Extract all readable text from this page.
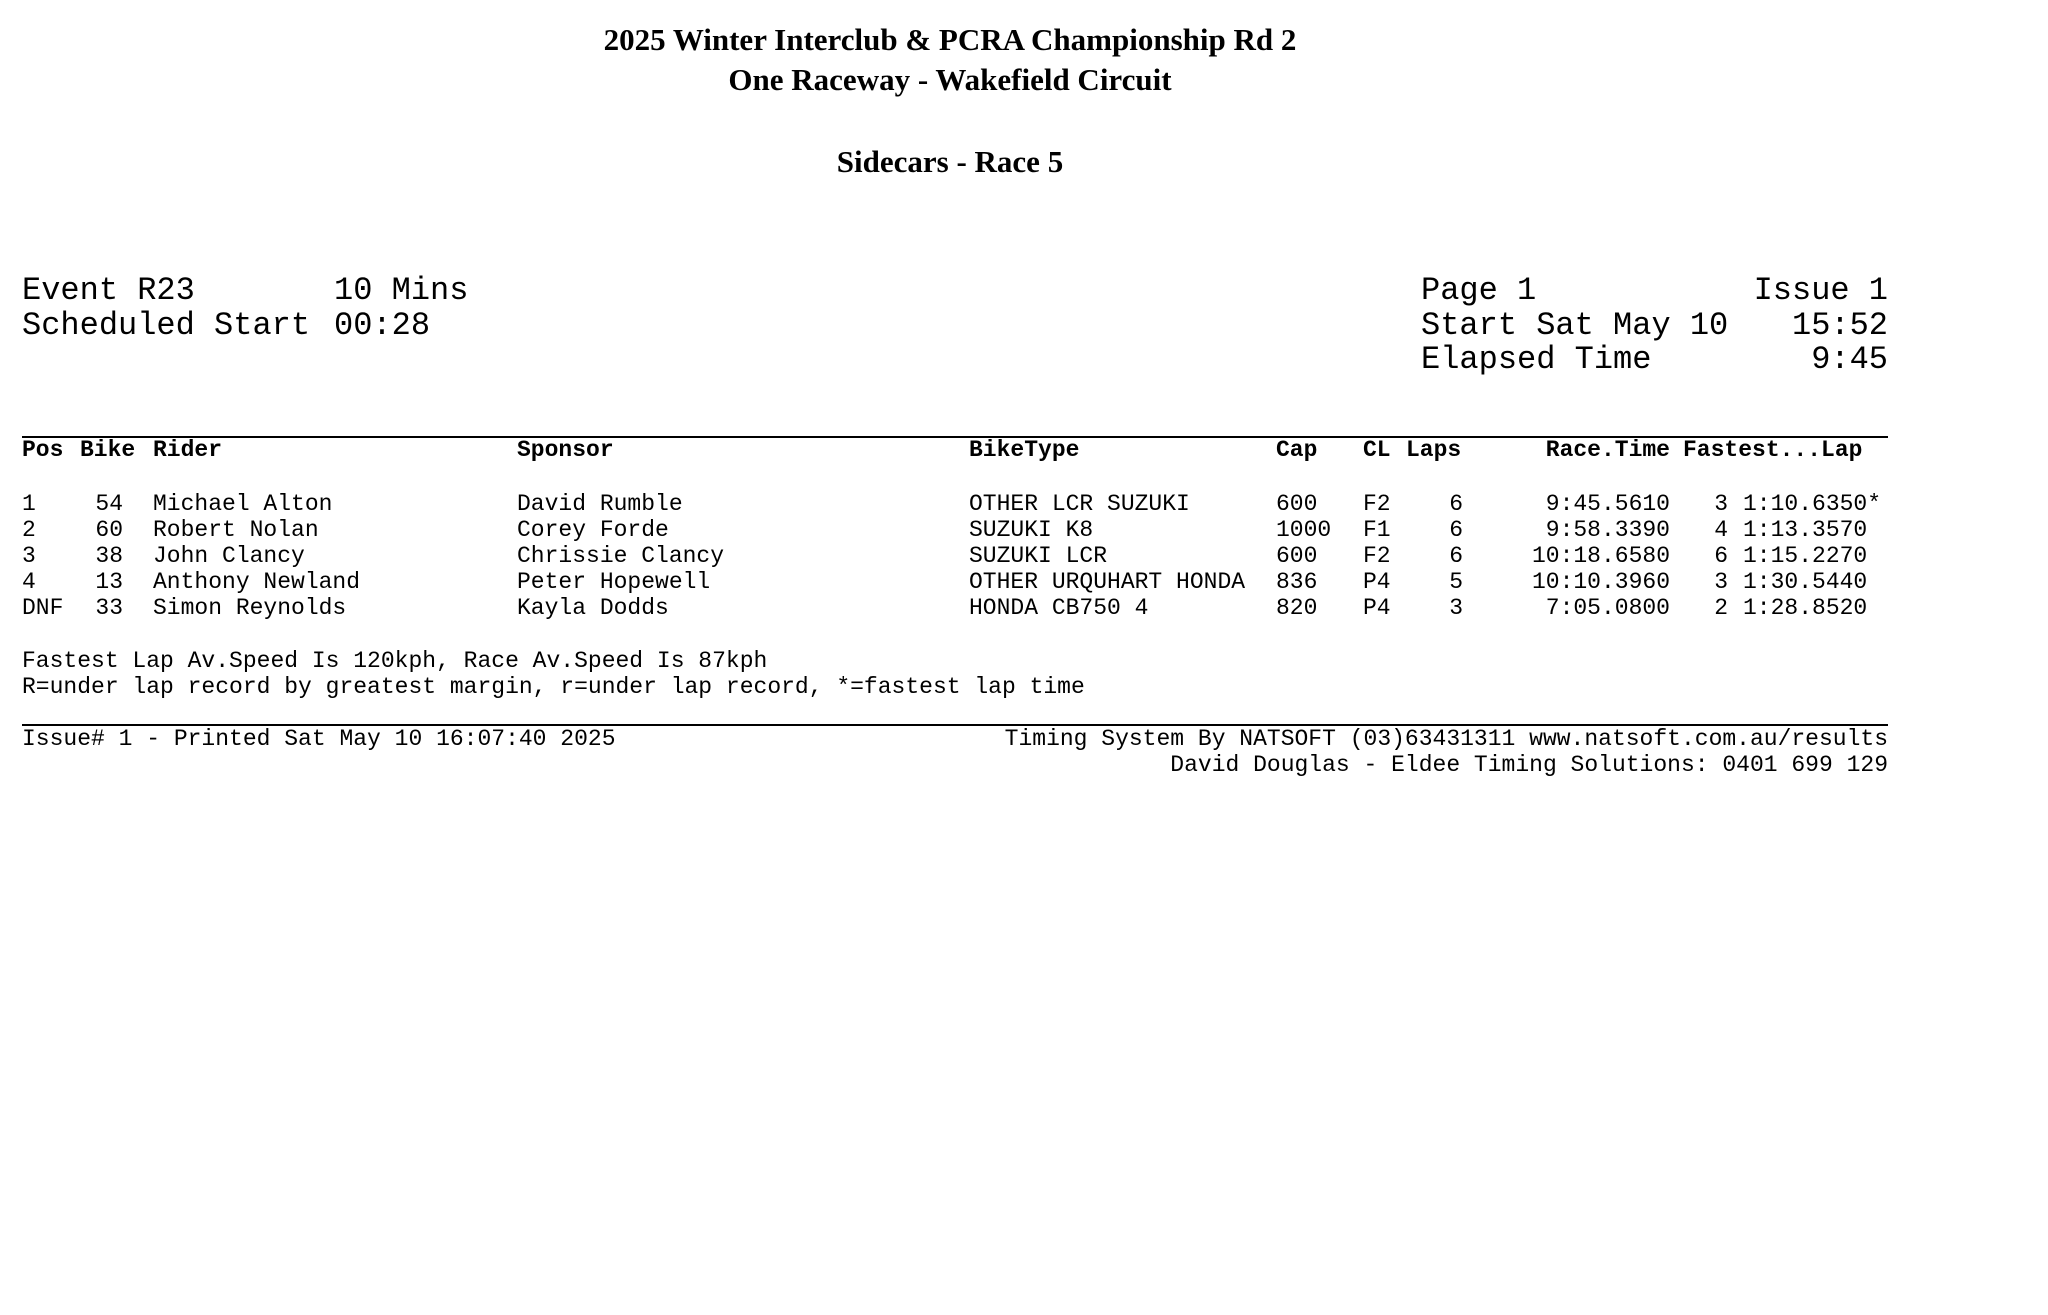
2025 Winter Interclub & PCRA Championship Rd 2
One Raceway - Wakefield Circuit
Sidecars - Race 5
Event R23	10 Mins
Scheduled Start 00:28
Page 1	Issue 1
Start Sat May 10	15:52
Elapsed Time	9:45
Pos Bike Rider	Sponsor	BikeType	Cap CL Laps	Race.Time Fastest...Lap
1	54 Michael Alton	David Rumble	OTHER LCR SUZUKI	600 F2	6	9:45.5610	3 1:10.6350*
2	60 Robert Nolan	Corey Forde	SUZUKI K8	1000 F1	6	9:58.3390	4 1:13.3570
3	38 John Clancy	Chrissie Clancy	SUZUKI LCR	600 F2	6	10:18.6580	6 1:15.2270
4	13 Anthony Newland	Peter Hopewell	OTHER URQUHART HONDA 836 P4	5	10:10.3960	3 1:30.5440
DNF	33 Simon Reynolds	Kayla Dodds	HONDA CB750 4	820 P4	3	7:05.0800	2 1:28.8520
Fastest Lap Av.Speed Is 120kph, Race Av.Speed Is 87kph
R=under lap record by greatest margin, r=under lap record, *=fastest lap time
Issue# 1 - Printed Sat May 10 16:07:40 2025	Timing System By NATSOFT (03)63431311 www.natsoft.com.au/results
David Douglas - Eldee Timing Solutions: 0401 699 129
